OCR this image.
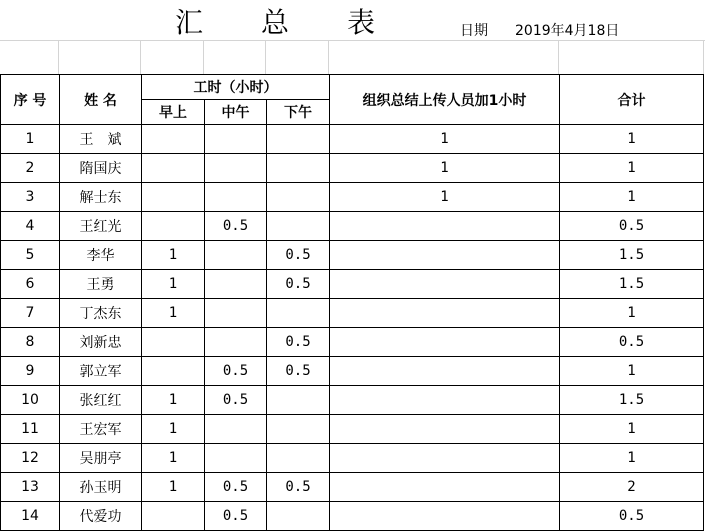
汇 总 表	日期 2019年4月18日
序 号	姓 名	工时（小时）			组织总结上传人员加1小时	合计
		早上	中午	下午		
1	王　斌				1	1
2	隋国庆				1	1
3	解士东				1	1
4	王红光		0.5			0.5
5	李华	1		0.5		1.5
6	王勇	1		0.5		1.5
7	丁杰东	1				1
8	刘新忠			0.5		0.5
9	郭立军		0.5	0.5		1
10	张红红	1	0.5			1.5
11	王宏军	1				1
12	吴朋亭	1				1
13	孙玉明	1	0.5	0.5		2
14	代爱功		0.5			0.5
